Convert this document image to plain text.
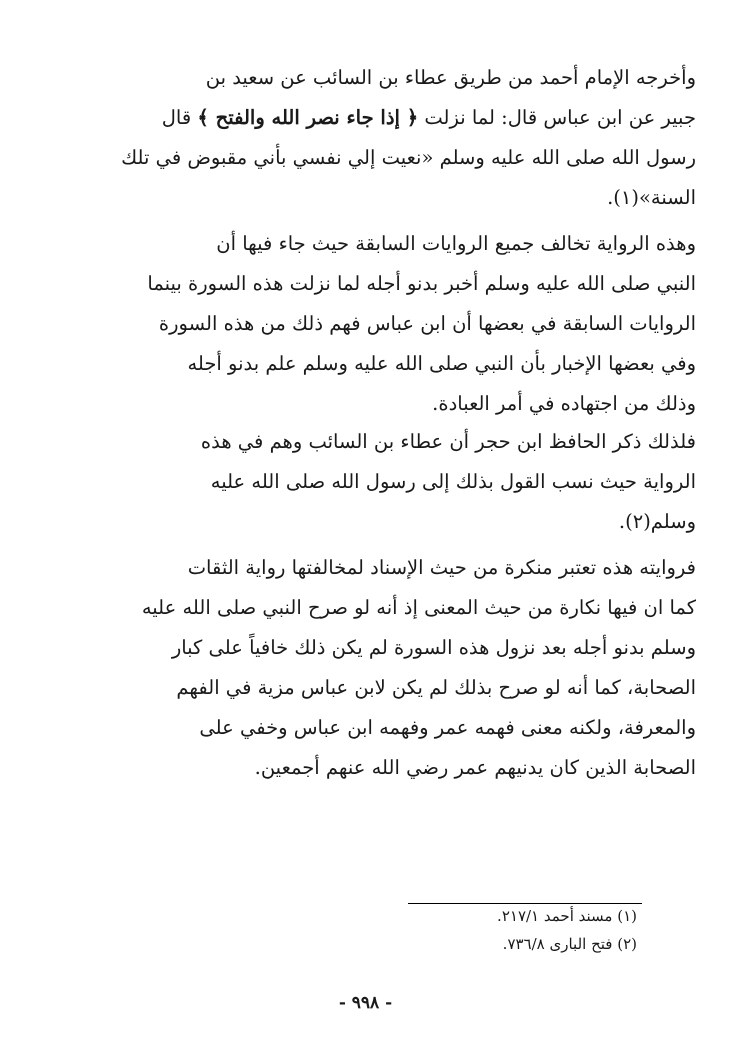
وأخرجه الإمام أحمد من طريق عطاء بن السائب عن سعيد بن
جبير عن ابن عباس قال: لما نزلت ﴿ إذا جاء نصر الله والفتح ﴾ قال
رسول الله صلى الله عليه وسلم «نعيت إلي نفسي بأني مقبوض في تلك
السنة»(١).
وهذه الرواية تخالف جميع الروايات السابقة حيث جاء فيها أن
النبي صلى الله عليه وسلم أخبر بدنو أجله لما نزلت هذه السورة بينما
الروايات السابقة في بعضها أن ابن عباس فهم ذلك من هذه السورة
وفي بعضها الإخبار بأن النبي صلى الله عليه وسلم علم بدنو أجله
وذلك من اجتهاده في أمر العبادة.
فلذلك ذكر الحافظ ابن حجر أن عطاء بن السائب وهم في هذه
الرواية حيث نسب القول بذلك إلى رسول الله صلى الله عليه
وسلم(٢).
فروايته هذه تعتبر منكرة من حيث الإسناد لمخالفتها رواية الثقات
كما ان فيها نكارة من حيث المعنى إذ أنه لو صرح النبي صلى الله عليه
وسلم بدنو أجله بعد نزول هذه السورة لم يكن ذلك خافياً على كبار
الصحابة، كما أنه لو صرح بذلك لم يكن لابن عباس مزية في الفهم
والمعرفة، ولكنه معنى فهمه عمر وفهمه ابن عباس وخفي على
الصحابة الذين كان يدنيهم عمر رضي الله عنهم أجمعين.
(١) مسند أحمد ٢١٧/١.
(٢) فتح البارى ٧٣٦/٨.
- ٩٩٨ -
